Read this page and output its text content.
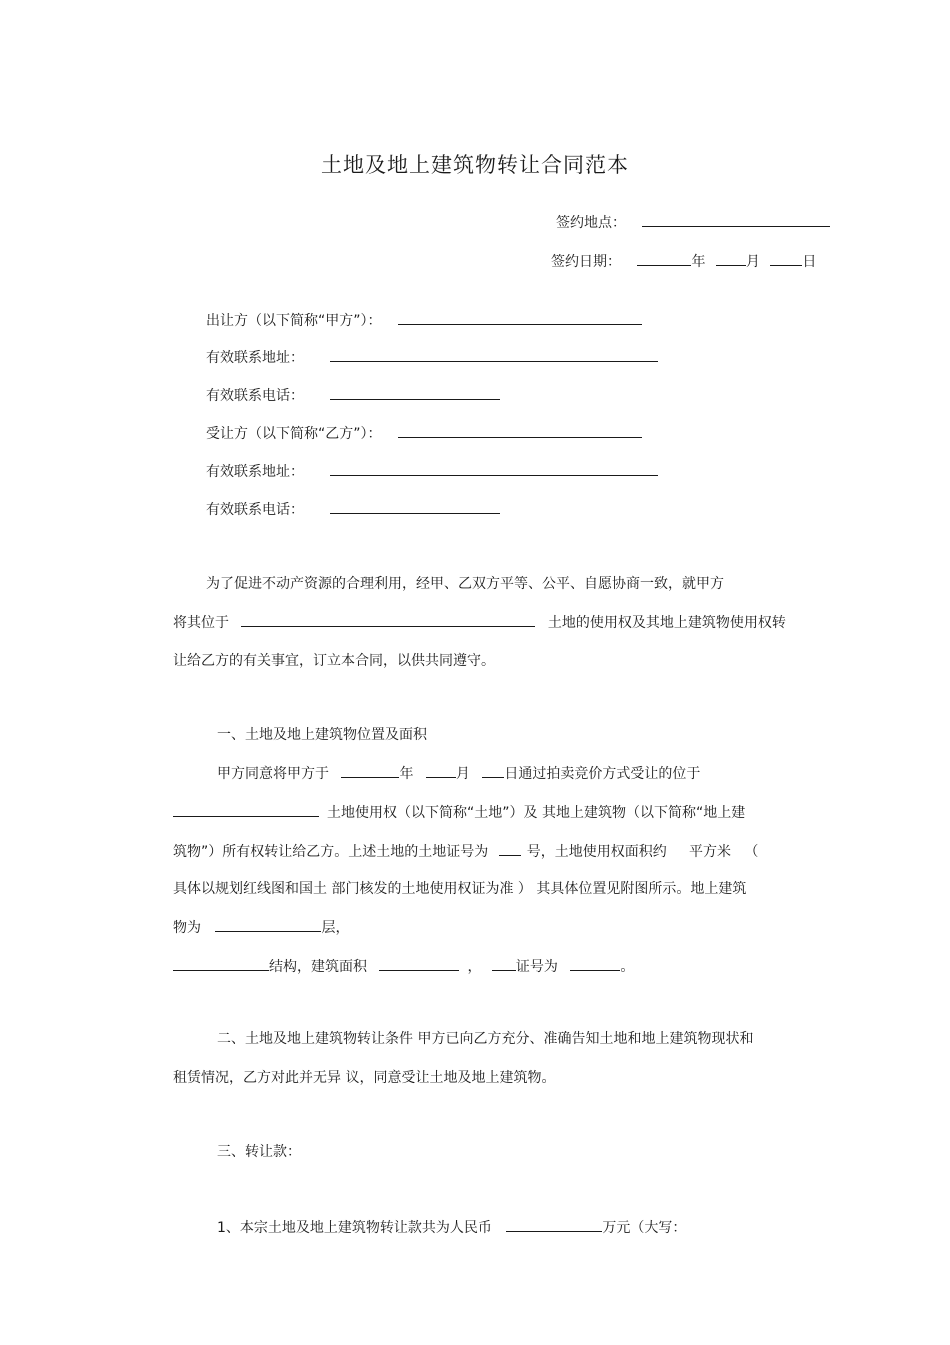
土地及地上建筑物转让合同范本
签约地点：
签约日期：	年	月	日
出让方（以下简称“甲方”）：
有效联系地址：
有效联系电话：
受让方（以下简称“乙方”）：
有效联系地址：
有效联系电话：
为了促进不动产资源的合理利用，经甲、乙双方平等、公平、自愿协商一致，就甲方
将其位于	土地的使用权及其地上建筑物使用权转
让给乙方的有关事宜，订立本合同，以供共同遵守。
一、土地及地上建筑物位置及面积
甲方同意将甲方于	年	月 日通过拍卖竞价方式受让的位于
土地使用权（以下简称“土地”）及 其地上建筑物（以下简称“地上建
筑物”）所有权转让给乙方。上述土地的土地证号为	号，土地使用权面积约     平方米   （
具体以规划红线图和国土 部门核发的土地使用权证为准 ） 其具体位置见附图所示。地上建筑
物为	层，
结构，建筑面积	， 证号为	。
二、土地及地上建筑物转让条件 甲方已向乙方充分、准确告知土地和地上建筑物现状和
租赁情况，乙方对此并无异 议，同意受让土地及地上建筑物。
三、转让款：
1、本宗土地及地上建筑物转让款共为人民币	万元（大写：
